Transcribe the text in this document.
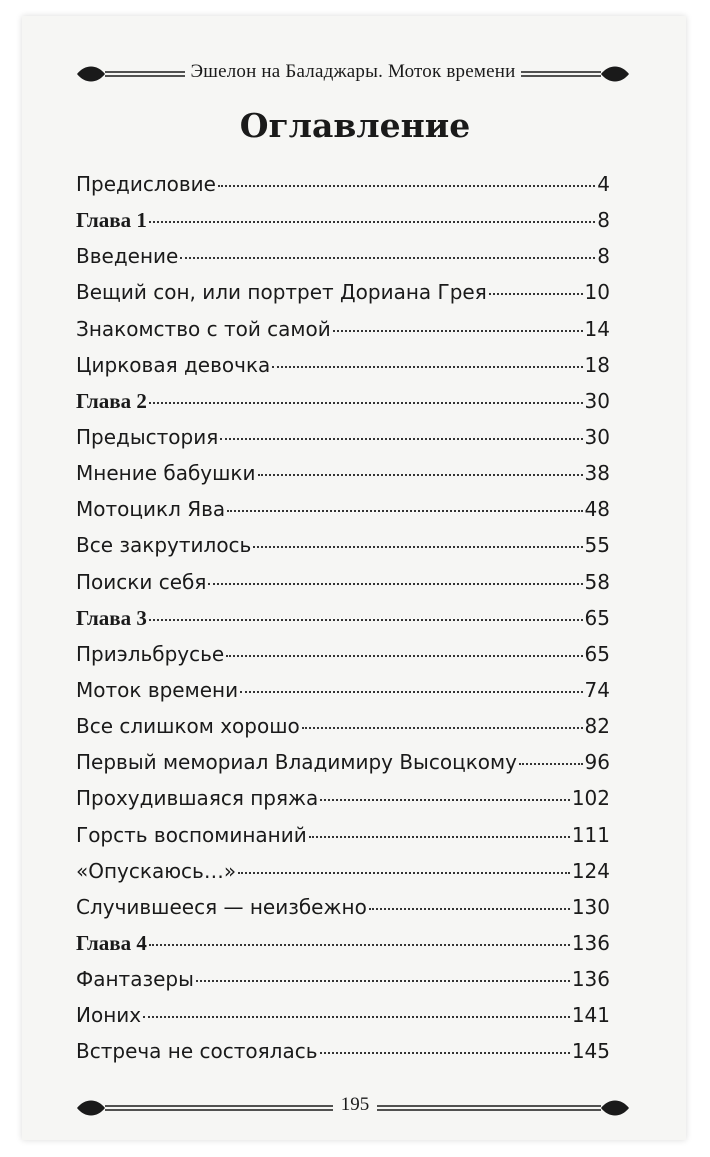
Эшелон на Баладжары. Моток времени
Оглавление
Предисловие	4
Глава 1	8
Введение	8
Вещий сон, или портрет Дориана Грея	10
Знакомство с той самой	14
Цирковая девочка	18
Глава 2	30
Предыстория	30
Мнение бабушки	38
Мотоцикл Ява	48
Все закрутилось	55
Поиски себя	58
Глава 3	65
Приэльбрусье	65
Моток времени	74
Все слишком хорошо	82
Первый мемориал Владимиру Высоцкому	96
Прохудившаяся пряжа	102
Горсть воспоминаний	111
«Опускаюсь…»	124
Случившееся — неизбежно	130
Глава 4	136
Фантазеры	136
Ионих	141
Встреча не состоялась	145
195
